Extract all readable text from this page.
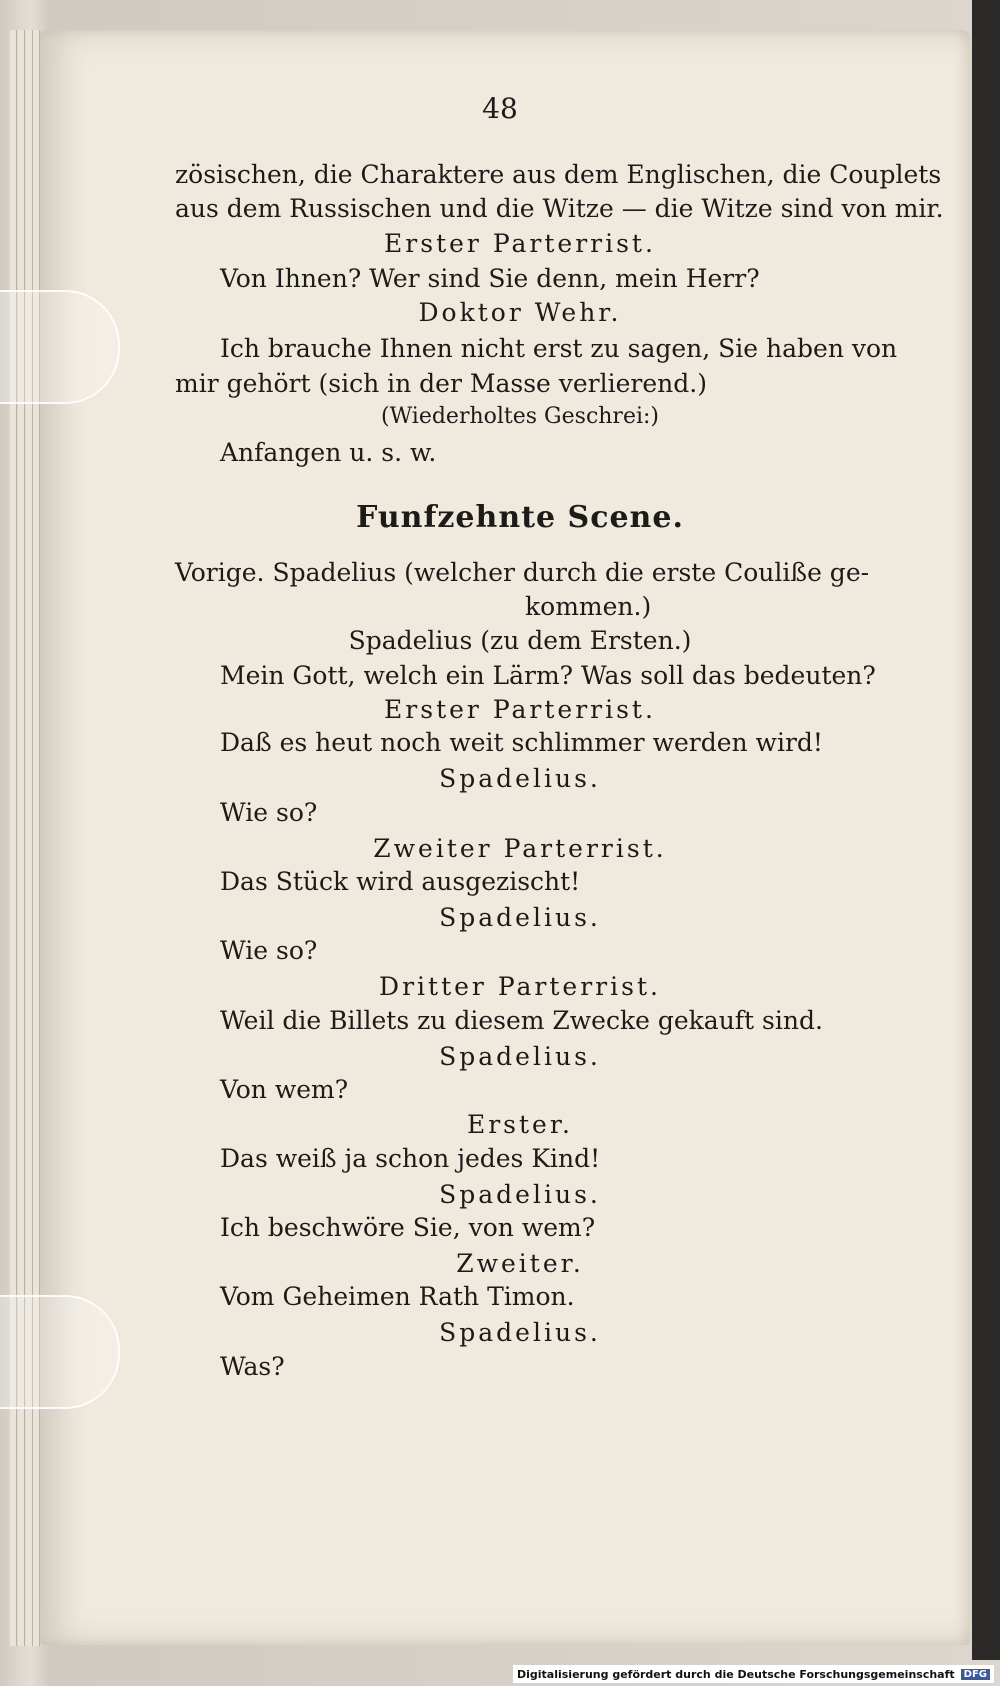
48
zösischen, die Charaktere aus dem Englischen, die Couplets
aus dem Russischen und die Witze — die Witze sind von mir.
Erster Parterrist.
Von Ihnen? Wer sind Sie denn, mein Herr?
Doktor Wehr.
Ich brauche Ihnen nicht erst zu sagen, Sie haben von
mir gehört (sich in der Masse verlierend.)
(Wiederholtes Geschrei:)
Anfangen u. s. w.
Funfzehnte Scene.
Vorige. Spadelius (welcher durch die erste Couliße ge-
kommen.)
Spadelius (zu dem Ersten.)
Mein Gott, welch ein Lärm? Was soll das bedeuten?
Erster Parterrist.
Daß es heut noch weit schlimmer werden wird!
Spadelius.
Wie so?
Zweiter Parterrist.
Das Stück wird ausgezischt!
Spadelius.
Wie so?
Dritter Parterrist.
Weil die Billets zu diesem Zwecke gekauft sind.
Spadelius.
Von wem?
Erster.
Das weiß ja schon jedes Kind!
Spadelius.
Ich beschwöre Sie, von wem?
Zweiter.
Vom Geheimen Rath Timon.
Spadelius.
Was?
Digitalisierung gefördert durch die Deutsche Forschungsgemeinschaft DFG
